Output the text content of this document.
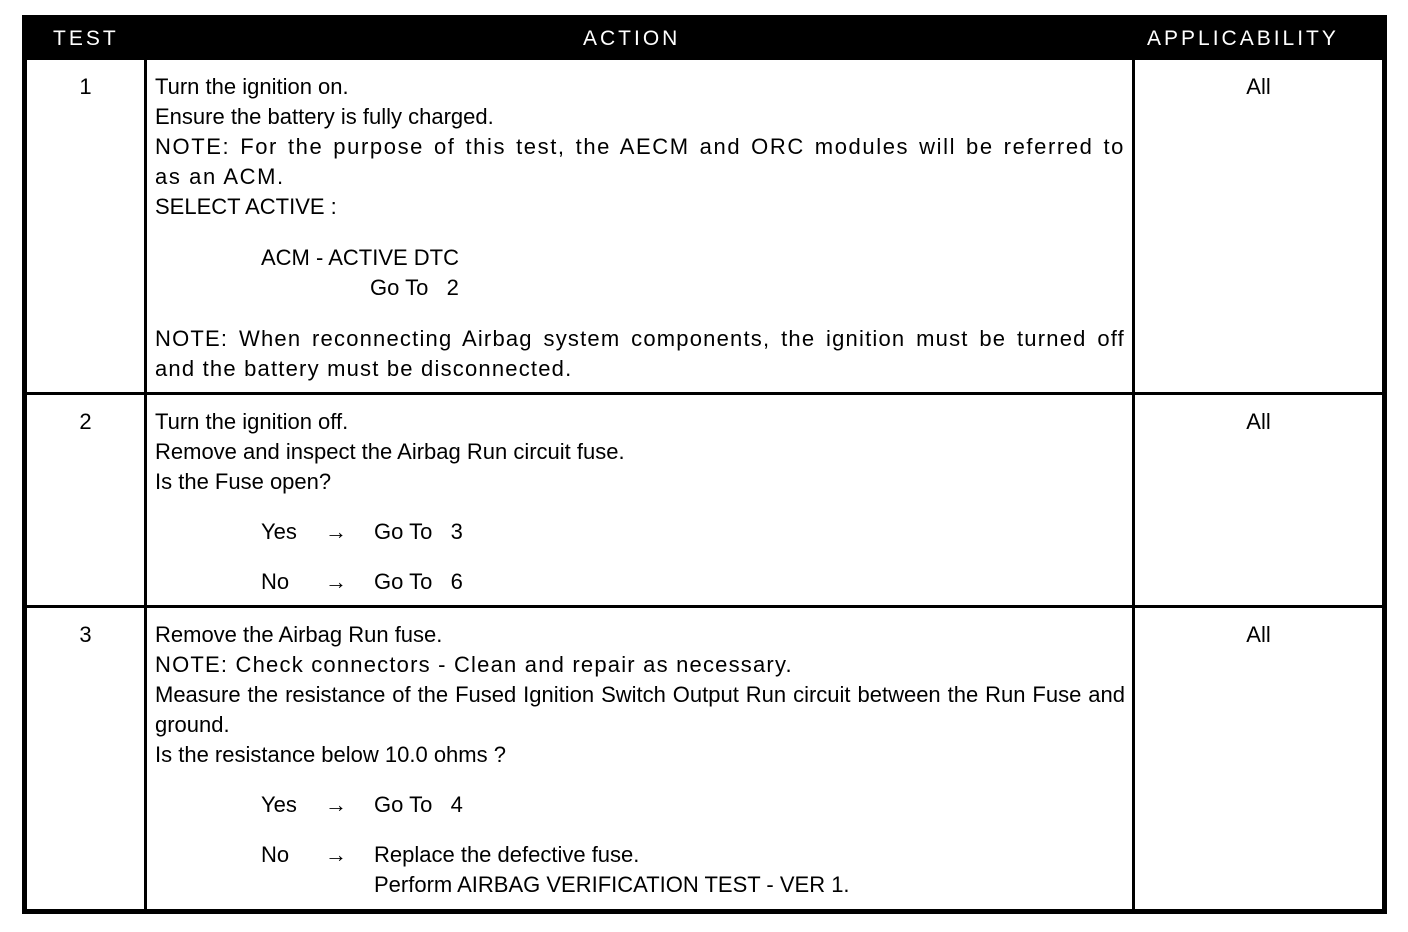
TEST	ACTION	APPLICABILITY
1	Turn the ignition on.
Ensure the battery is fully charged.
NOTE: For the purpose of this test, the AECM and ORC modules will be referred to as an ACM.
SELECT ACTIVE :
ACM - ACTIVE DTC
Go To   2
NOTE: When reconnecting Airbag system components, the ignition must be turned off and the battery must be disconnected.
All
2	Turn the ignition off.
Remove and inspect the Airbag Run circuit fuse.
Is the Fuse open?
Yes → Go To   3
No → Go To   6
All
3	Remove the Airbag Run fuse.
NOTE: Check connectors - Clean and repair as necessary.
Measure the resistance of the Fused Ignition Switch Output Run circuit between the Run Fuse and ground.
Is the resistance below 10.0 ohms ?
Yes → Go To   4
No → Replace the defective fuse.
Perform AIRBAG VERIFICATION TEST - VER 1.
All
